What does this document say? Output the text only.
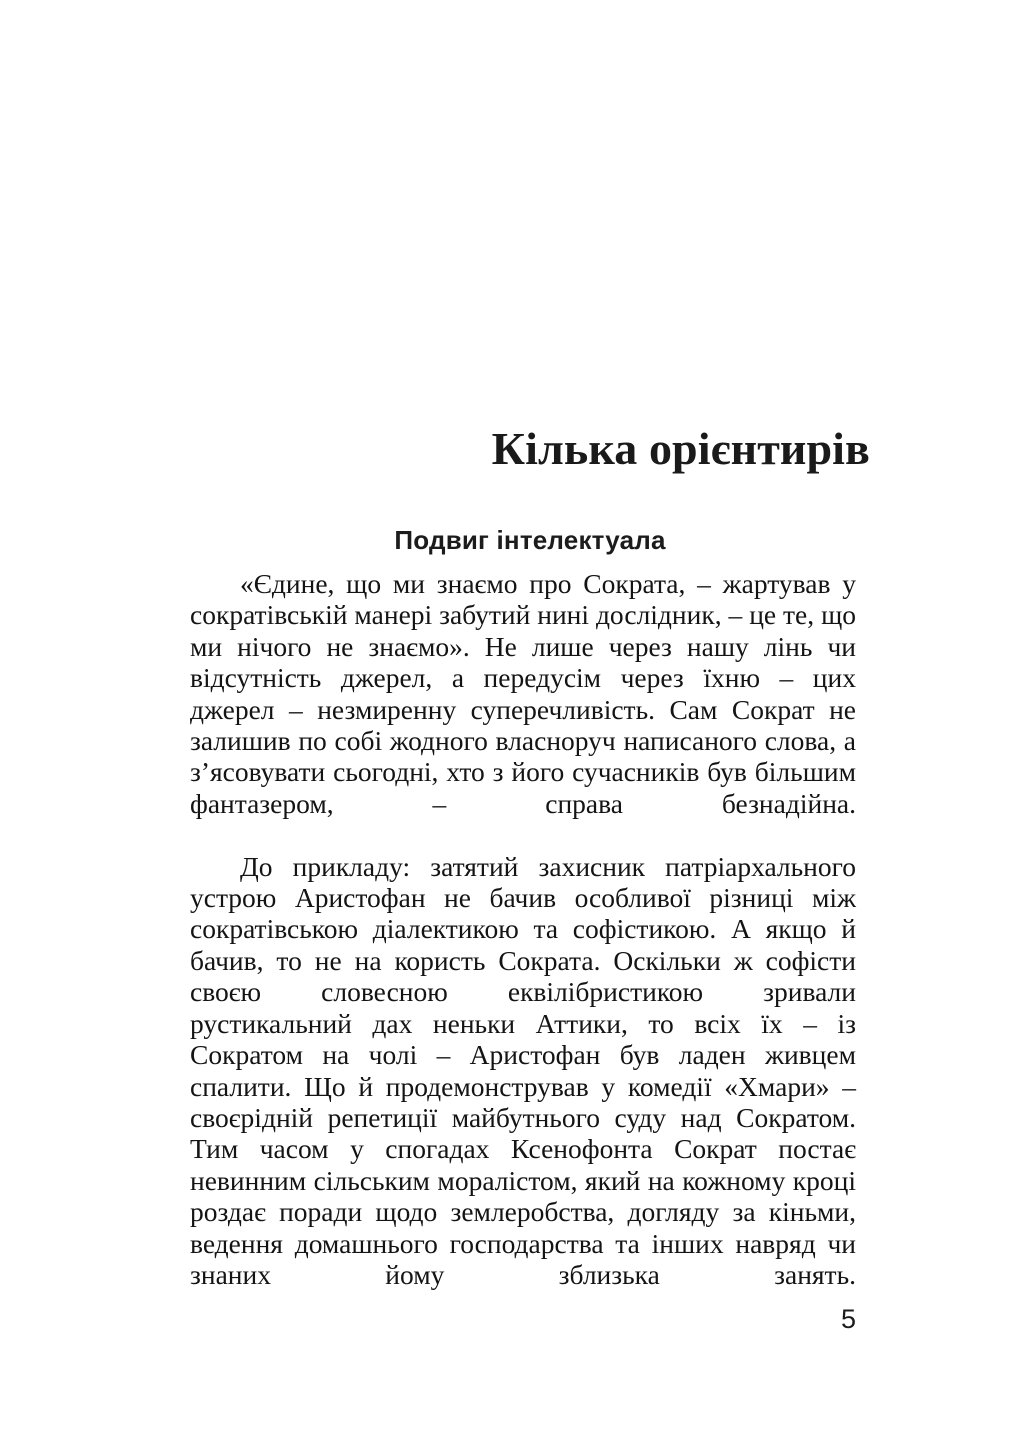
Кілька орієнтирів
Подвиг інтелектуала

«Єдине, що ми знаємо про Сократа, – жартував у сократівській манері забутий нині дослідник, – це те, що ми нічого не знаємо». Не лише через нашу лінь чи відсутність джерел, а передусім через їхню – цих джерел – незмиренну суперечливість. Сам Сократ не залишив по собі жодного власноруч написаного слова, а з’ясовувати сьогодні, хто з його сучасників був більшим фантазером, – справа безнадійна.

До прикладу: затятий захисник патріархального устрою Аристофан не бачив особливої різниці між сократівською діалектикою та софістикою. А якщо й бачив, то не на користь Сократа. Оскільки ж софісти своєю словесною еквілібристикою зривали рустикальний дах неньки Аттики, то всіх їх – із Сократом на чолі – Аристофан був ладен живцем спалити. Що й продемонстрував у комедії «Хмари» – своєрідній репетиції майбутнього суду над Сократом. Тим часом у спогадах Ксенофонта Сократ постає невинним сільським моралістом, який на кожному кроці роздає поради щодо землеробства, догляду за кіньми, ведення домашнього господарства та інших навряд чи знаних йому зблизька занять.

5
